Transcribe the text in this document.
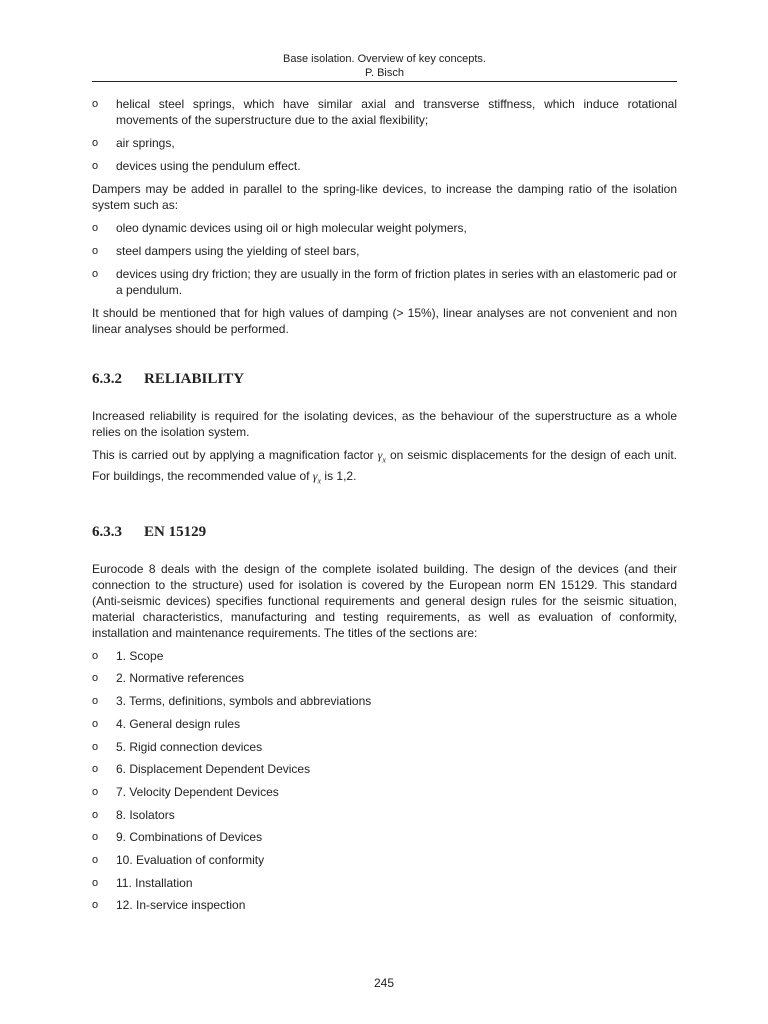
Base isolation. Overview of key concepts.
P. Bisch
o helical steel springs, which have similar axial and transverse stiffness, which induce rotational movements of the superstructure due to the axial flexibility;
o air springs,
o devices using the pendulum effect.

Dampers may be added in parallel to the spring-like devices, to increase the damping ratio of the isolation system such as:

o oleo dynamic devices using oil or high molecular weight polymers,
o steel dampers using the yielding of steel bars,
o devices using dry friction; they are usually in the form of friction plates in series with an elastomeric pad or a pendulum.

It should be mentioned that for high values of damping (> 15%), linear analyses are not convenient and non linear analyses should be performed.

6.3.2 RELIABILITY

Increased reliability is required for the isolating devices, as the behaviour of the superstructure as a whole relies on the isolation system.

This is carried out by applying a magnification factor $\gamma_x$ on seismic displacements for the design of each unit. For buildings, the recommended value of $\gamma_x$ is 1,2.

6.3.3 EN 15129

Eurocode 8 deals with the design of the complete isolated building. The design of the devices (and their connection to the structure) used for isolation is covered by the European norm EN 15129. This standard (Anti-seismic devices) specifies functional requirements and general design rules for the seismic situation, material characteristics, manufacturing and testing requirements, as well as evaluation of conformity, installation and maintenance requirements. The titles of the sections are:

o 1. Scope
o 2. Normative references
o 3. Terms, definitions, symbols and abbreviations
o 4. General design rules
o 5. Rigid connection devices
o 6. Displacement Dependent Devices
o 7. Velocity Dependent Devices
o 8. Isolators
o 9. Combinations of Devices
o 10. Evaluation of conformity
o 11. Installation
o 12. In-service inspection
245
